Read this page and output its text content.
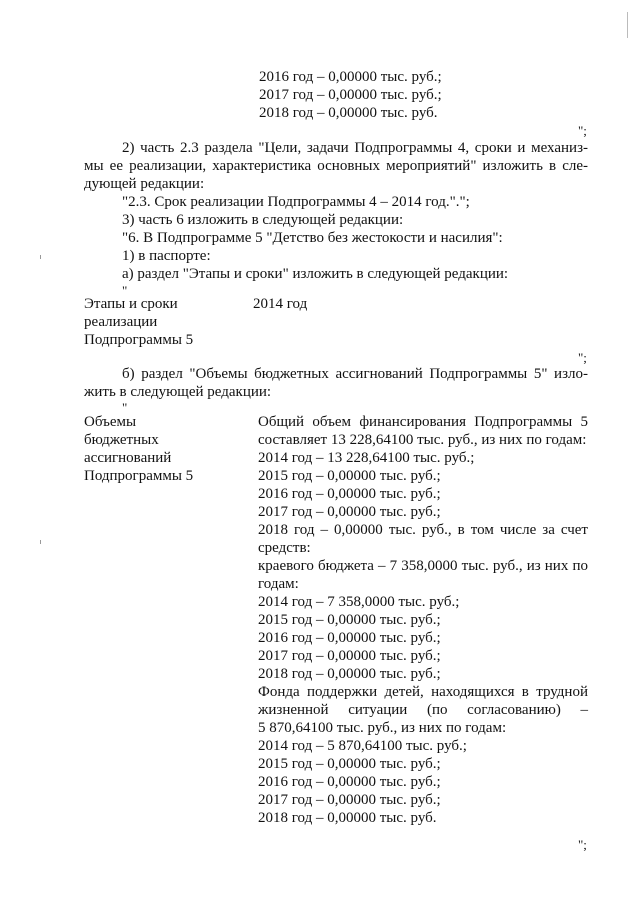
2016 год – 0,00000 тыс. руб.;
2017 год – 0,00000 тыс. руб.;
2018 год – 0,00000 тыс. руб.
";
2) часть 2.3 раздела "Цели, задачи Подпрограммы 4, сроки и механиз-
мы ее реализации, характеристика основных мероприятий" изложить в сле-
дующей редакции:
"2.3. Срок реализации Подпрограммы 4 – 2014 год.".";
3) часть 6 изложить в следующей редакции:
"6. В Подпрограмме 5 "Детство без жестокости и насилия":
1) в паспорте:
а) раздел "Этапы и сроки" изложить в следующей редакции:
"
Этапы и сроки
реализации
Подпрограммы 5
2014 год
";
б) раздел "Объемы бюджетных ассигнований Подпрограммы 5" изло-
жить в следующей редакции:
"
Объемы
бюджетных
ассигнований
Подпрограммы 5
Общий объем финансирования Подпрограммы 5
составляет 13 228,64100 тыс. руб., из них по годам:
2014 год – 13 228,64100 тыс. руб.;
2015 год – 0,00000 тыс. руб.;
2016 год – 0,00000 тыс. руб.;
2017 год – 0,00000 тыс. руб.;
2018 год – 0,00000 тыс. руб., в том числе за счет
средств:
краевого бюджета – 7 358,0000 тыс. руб., из них по
годам:
2014 год – 7 358,0000 тыс. руб.;
2015 год – 0,00000 тыс. руб.;
2016 год – 0,00000 тыс. руб.;
2017 год – 0,00000 тыс. руб.;
2018 год – 0,00000 тыс. руб.;
Фонда поддержки детей, находящихся в трудной
жизненной ситуации (по согласованию) –
5 870,64100 тыс. руб., из них по годам:
2014 год – 5 870,64100 тыс. руб.;
2015 год – 0,00000 тыс. руб.;
2016 год – 0,00000 тыс. руб.;
2017 год – 0,00000 тыс. руб.;
2018 год – 0,00000 тыс. руб.
";
